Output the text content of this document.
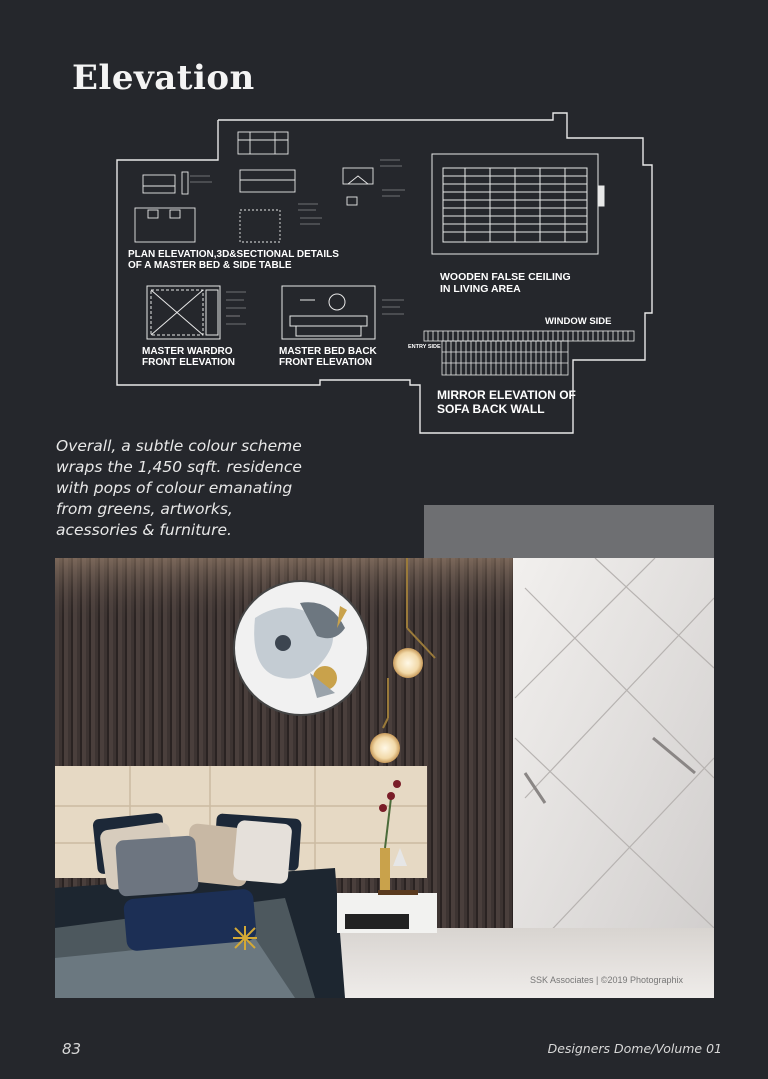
Elevation
PLAN ELEVATION,3D&SECTIONAL DETAILS
OF A MASTER BED & SIDE TABLE
WOODEN FALSE CEILING
IN LIVING AREA
MASTER WARDRO
FRONT ELEVATION
MASTER BED BACK
FRONT ELEVATION
WINDOW SIDE
ENTRY SIDE
MIRROR ELEVATION OF
SOFA BACK WALL
Overall, a subtle colour scheme
wraps the 1,450 sqft. residence
with pops of colour emanating
from greens, artworks,
acessories & furniture.
SSK Associates | ©2019 Photographix
83	Designers Dome/Volume 01
